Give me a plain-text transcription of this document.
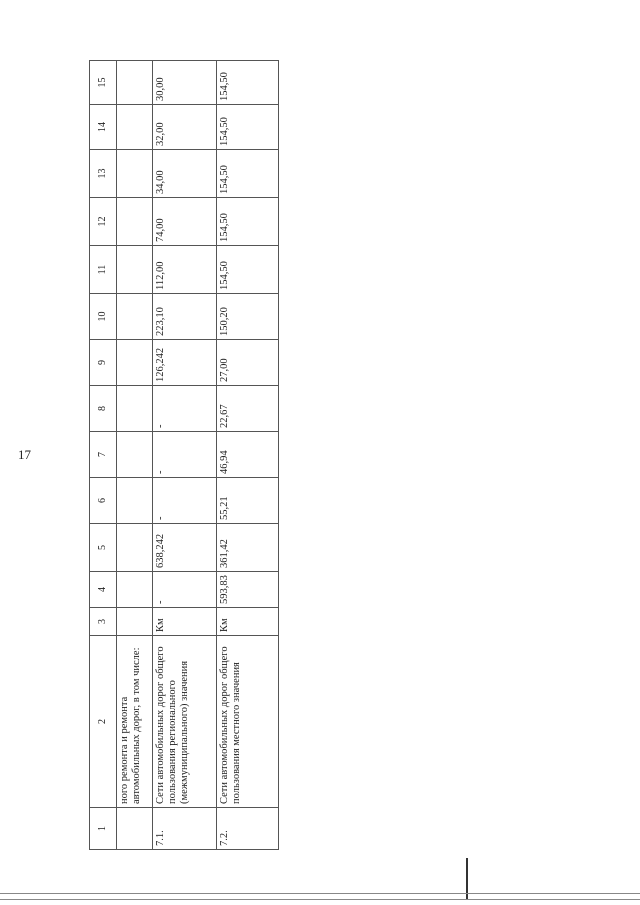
17
1	2	3	4	5	6	7	8	9	10	11	12	13	14	15
	ного ремонта и ремонта автомобильных дорог, в том числе:													
7.1.	Сети автомобильных дорог общего пользования регионального (межмуниципального) значения	Км	-	638,242	-	-	-	126,242	223,10	112,00	74,00	34,00	32,00	30,00
7.2.	Сети автомобильных дорог общего пользования местного значения	Км	593,83	361,42	55,21	46,94	22,67	27,00	150,20	154,50	154,50	154,50	154,50	154,50
